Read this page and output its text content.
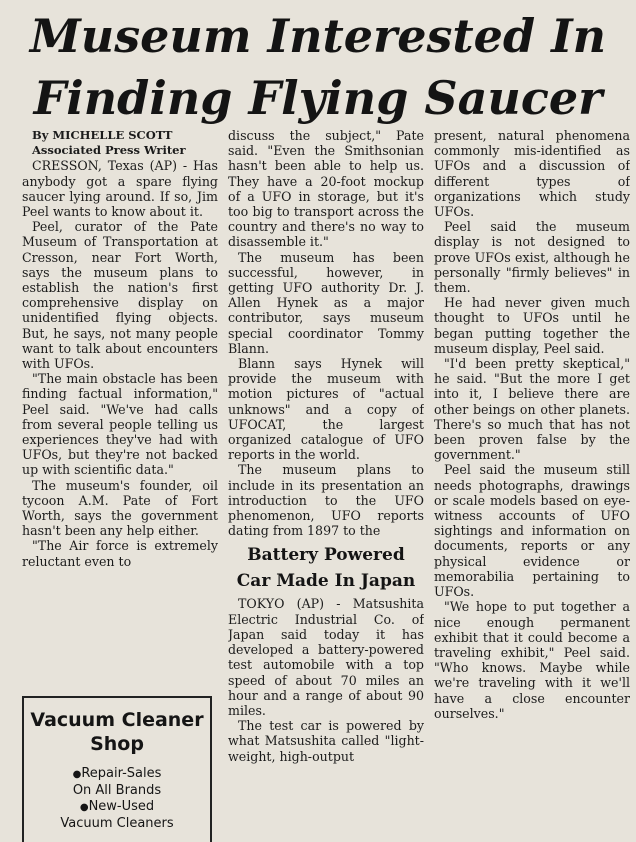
Museum Interested In
Finding Flying Saucer

By MICHELLE SCOTT

Associated Press Writer

CRESSON, Texas (AP) - Has anybody got a spare flying saucer lying around. If so, Jim Peel wants to know about it.

Peel, curator of the Pate Museum of Transportation at Cresson, near Fort Worth, says the museum plans to establish the nation's first comprehensive display on unidentified flying objects. But, he says, not many people want to talk about encounters with UFOs.

"The main obstacle has been finding factual information," Peel said. "We've had calls from several people telling us experiences they've had with UFOs, but they're not backed up with scientific data."

The museum's founder, oil tycoon A.M. Pate of Fort Worth, says the government hasn't been any help either.

"The Air force is extremely reluctant even to

Vacuum Cleaner
Shop
●Repair-Sales
On All Brands
●New-Used
Vacuum Cleaners

discuss the subject," Pate said. "Even the Smithsonian hasn't been able to help us. They have a 20-foot mockup of a UFO in storage, but it's too big to transport across the country and there's no way to disassemble it."

The museum has been successful, however, in getting UFO authority Dr. J. Allen Hynek as a major contributor, says museum special coordinator Tommy Blann.

Blann says Hynek will provide the museum with motion pictures of "actual unknows" and a copy of UFOCAT, the largest organized catalogue of UFO reports in the world.

The museum plans to include in its presentation an introduction to the UFO phenomenon, UFO reports dating from 1897 to the

Battery Powered
Car Made In Japan

TOKYO (AP) - Matsushita Electric Industrial Co. of Japan said today it has developed a battery-powered test automobile with a top speed of about 70 miles an hour and a range of about 90 miles.

The test car is powered by what Matsushita called "light-weight, high-output

present, natural phenomena commonly mis-identified as UFOs and a discussion of different types of organizations which study UFOs.

Peel said the museum display is not designed to prove UFOs exist, although he personally "firmly believes" in them.

He had never given much thought to UFOs until he began putting together the museum display, Peel said.

"I'd been pretty skeptical," he said. "But the more I get into it, I believe there are other beings on other planets. There's so much that has not been proven false by the government."

Peel said the museum still needs photographs, drawings or scale models based on eye-witness accounts of UFO sightings and information on documents, reports or any physical evidence or memorabilia pertaining to UFOs.

"We hope to put together a nice enough permanent exhibit that it could become a traveling exhibit," Peel said. "Who knows. Maybe while we're traveling with it we'll have a close encounter ourselves."
